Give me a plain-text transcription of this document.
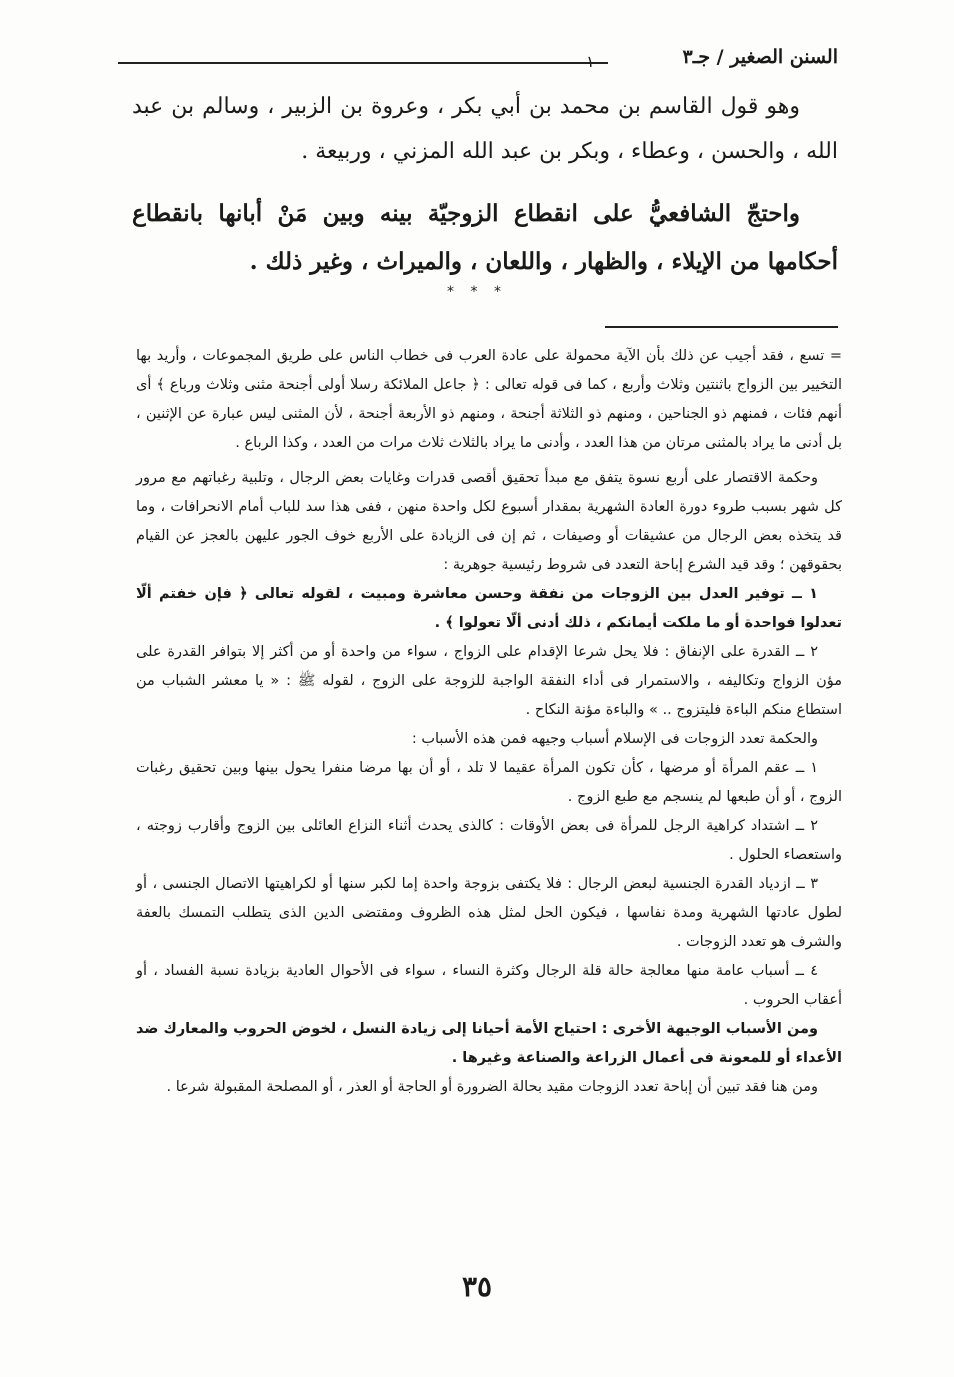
السنن الصغير / جـ٣
١

وهو قول القاسم بن محمد بن أبي بكر ، وعروة بن الزبير ، وسالم بن عبد الله ، والحسن ، وعطاء ، وبكر بن عبد الله المزني ، وربيعة .

واحتجّ الشافعيُّ على انقطاع الزوجيّة بينه وبين مَنْ أبانها بانقطاع أحكامها من الإيلاء ، والظهار ، واللعان ، والميراث ، وغير ذلك .

* * *

= تسع ، فقد أجيب عن ذلك بأن الآية محمولة على عادة العرب فى خطاب الناس على طريق المجموعات ، وأريد بها التخيير بين الزواج باثنتين وثلاث وأربع ، كما فى قوله تعالى : ﴿ جاعل الملائكة رسلا أولى أجنحة مثنى وثلاث ورباع ﴾ أى أنهم فئات ، فمنهم ذو الجناحين ، ومنهم ذو الثلاثة أجنحة ، ومنهم ذو الأربعة أجنحة ، لأن المثنى ليس عبارة عن الإثنين ، بل أدنى ما يراد بالمثنى مرتان من هذا العدد ، وأدنى ما يراد بالثلاث ثلاث مرات من العدد ، وكذا الرباع .

وحكمة الاقتصار على أربع نسوة يتفق مع مبدأ تحقيق أقصى قدرات وغايات بعض الرجال ، وتلبية رغباتهم مع مرور كل شهر بسبب طروء دورة العادة الشهرية بمقدار أسبوع لكل واحدة منهن ، ففى هذا سد للباب أمام الانحرافات ، وما قد يتخذه بعض الرجال من عشيقات أو وصيفات ، ثم إن فى الزيادة على الأربع خوف الجور عليهن بالعجز عن القيام بحقوقهن ؛ وقد قيد الشرع إباحة التعدد فى شروط رئيسية جوهرية :

١ ــ توفير العدل بين الزوجات من نفقة وحسن معاشرة ومبيت ، لقوله تعالى ﴿ فإن خفتم ألّا تعدلوا فواحدة أو ما ملكت أيمانكم ، ذلك أدنى ألّا تعولوا ﴾ .

٢ ــ القدرة على الإنفاق : فلا يحل شرعا الإقدام على الزواج ، سواء من واحدة أو من أكثر إلا بتوافر القدرة على مؤن الزواج وتكاليفه ، والاستمرار فى أداء النفقة الواجبة للزوجة على الزوج ، لقوله ﷺ : « يا معشر الشباب من استطاع منكم الباءة فليتزوج .. » والباءة مؤنة النكاح .

والحكمة تعدد الزوجات فى الإسلام أسباب وجيهه فمن هذه الأسباب :

١ ــ عقم المرأة أو مرضها ، كأن تكون المرأة عقيما لا تلد ، أو أن بها مرضا منفرا يحول بينها وبين تحقيق رغبات الزوج ، أو أن طبعها لم ينسجم مع طبع الزوج .

٢ ــ اشتداد كراهية الرجل للمرأة فى بعض الأوقات : كالذى يحدث أثناء النزاع العائلى بين الزوج وأقارب زوجته ، واستعصاء الحلول .

٣ ــ ازدياد القدرة الجنسية لبعض الرجال : فلا يكتفى بزوجة واحدة إما لكبر سنها أو لكراهيتها الاتصال الجنسى ، أو لطول عادتها الشهرية ومدة نفاسها ، فيكون الحل لمثل هذه الظروف ومقتضى الدين الذى يتطلب التمسك بالعفة والشرف هو تعدد الزوجات .

٤ ــ أسباب عامة منها معالجة حالة قلة الرجال وكثرة النساء ، سواء فى الأحوال العادية بزيادة نسبة الفساد ، أو أعقاب الحروب .

ومن الأسباب الوجيهة الأخرى : احتياج الأمة أحيانا إلى زيادة النسل ، لخوض الحروب والمعارك ضد الأعداء أو للمعونة فى أعمال الزراعة والصناعة وغيرها .

ومن هنا فقد تبين أن إباحة تعدد الزوجات مقيد بحالة الضرورة أو الحاجة أو العذر ، أو المصلحة المقبولة شرعا .

٣٥
